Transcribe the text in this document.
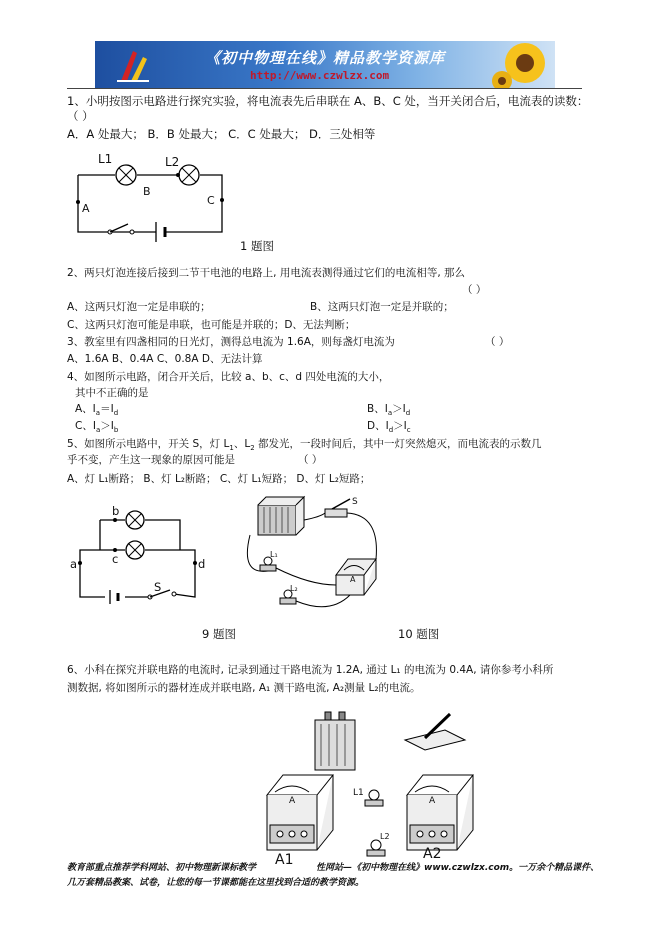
《初中物理在线》精品教学资源库
http://www.czwlzx.com
1、小明按图示电路进行探究实验，将电流表先后串联在 A、B、C 处，当开关闭合后，电流表的读数：
（ ）
A．A 处最大； B．B 处最大； C．C 处最大； D．三处相等
L1	L2
A
B
C
1 题图
2、两只灯泡连接后接到二节干电池的电路上, 用电流表测得通过它们的电流相等, 那么
（ ）
A、这两只灯泡一定是串联的；	B、这两只灯泡一定是并联的；
C、这两只灯泡可能是串联，也可能是并联的；D、无法判断；
3、教室里有四盏相同的日光灯，测得总电流为 1.6A，则每盏灯电流为	（ ）
A、1.6A B、0.4A C、0.8A D、无法计算
4、如图所示电路，闭合开关后，比较 a、b、c、d 四处电流的大小，
其中不正确的是
A、$I_a=I_d$	B、$I_a>I_d$
C、$I_a>I_b$	D、$I_d>I_c$
5、如图所示电路中，开关 S，灯 $L_1$、$L_2$ 都发光，一段时间后，其中一灯突然熄灭，而电流表的示数几
乎不变，产生这一现象的原因可能是	（ ）
A、灯 L₁断路； B、灯 L₂断路； C、灯 L₁短路； D、灯 L₂短路；
b
c
a	d
S
S
L₁
L₂
A
9 题图	10 题图
6、小科在探究并联电路的电流时, 记录到通过干路电流为 1.2A, 通过 L₁ 的电流为 0.4A, 请你参考小科所
测数据, 将如图所示的器材连成并联电路, A₁ 测干路电流, A₂测量 L₂的电流。
A	A
L1
L2
A1	A2
教育部重点推荐学科网站、初中物理新课标教学	性网站—《初中物理在线》www.czwlzx.com。一万余个精品课件、
几万套精品教案、试卷，让您的每一节课都能在这里找到合适的教学资源。
